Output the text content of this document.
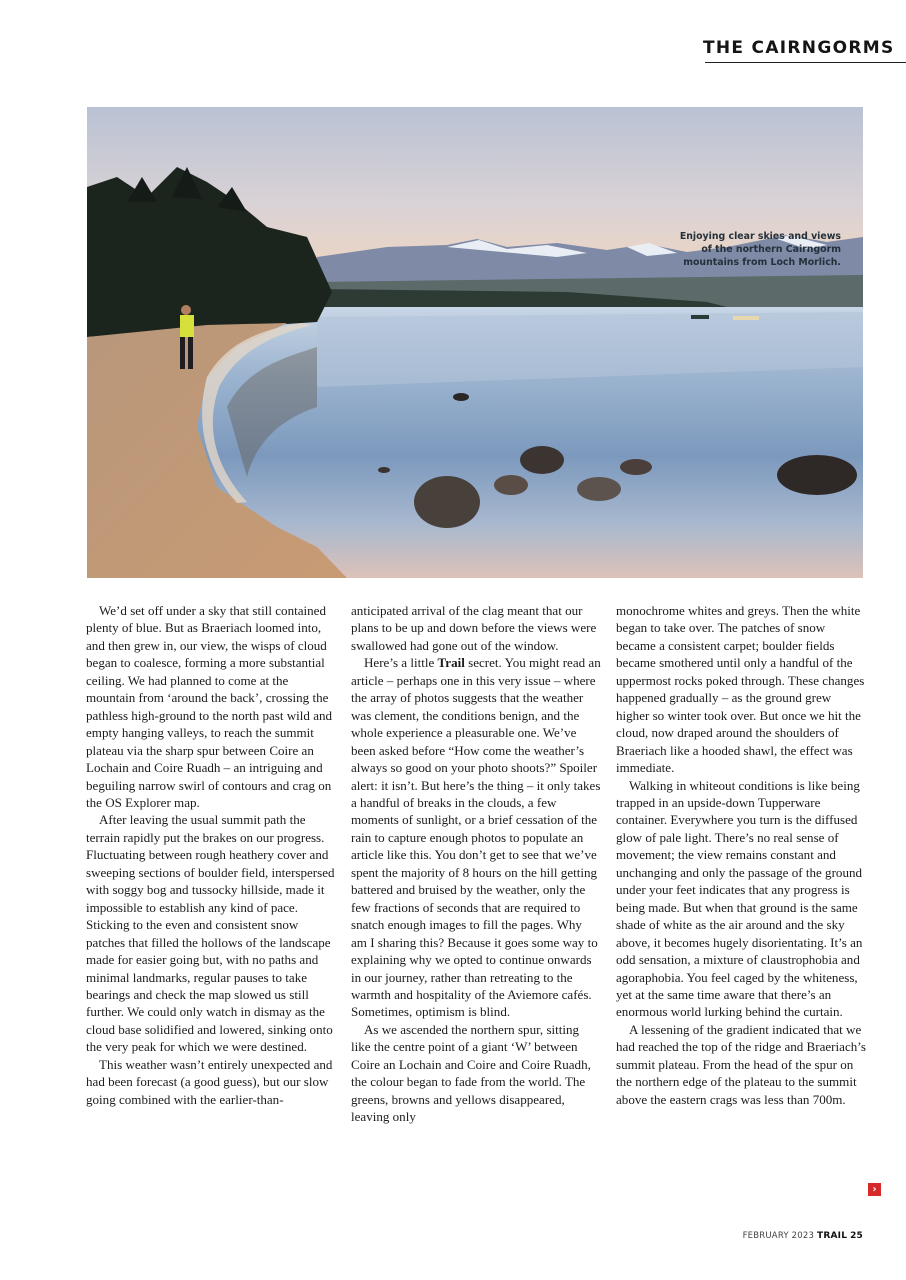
THE CAIRNGORMS
Enjoying clear skies and views
of the northern Cairngorm
mountains from Loch Morlich.

We’d set off under a sky that still contained plenty of blue. But as Braeriach loomed into, and then grew in, our view, the wisps of cloud began to coalesce, forming a more substantial ceiling. We had planned to come at the mountain from ‘around the back’, crossing the pathless high-ground to the north past wild and empty hanging valleys, to reach the summit plateau via the sharp spur between Coire an Lochain and Coire Ruadh – an intriguing and beguiling narrow swirl of contours and crag on the OS Explorer map.

After leaving the usual summit path the terrain rapidly put the brakes on our progress. Fluctuating between rough heathery cover and sweeping sections of boulder field, interspersed with soggy bog and tussocky hillside, made it impossible to establish any kind of pace. Sticking to the even and consistent snow patches that filled the hollows of the landscape made for easier going but, with no paths and minimal landmarks, regular pauses to take bearings and check the map slowed us still further. We could only watch in dismay as the cloud base solidified and lowered, sinking onto the very peak for which we were destined.

This weather wasn’t entirely unexpected and had been forecast (a good guess), but our slow going combined with the earlier-than-

anticipated arrival of the clag meant that our plans to be up and down before the views were swallowed had gone out of the window.

Here’s a little Trail secret. You might read an article – perhaps one in this very issue – where the array of photos suggests that the weather was clement, the conditions benign, and the whole experience a pleasurable one. We’ve been asked before “How come the weather’s always so good on your photo shoots?” Spoiler alert: it isn’t. But here’s the thing – it only takes a handful of breaks in the clouds, a few moments of sunlight, or a brief cessation of the rain to capture enough photos to populate an article like this. You don’t get to see that we’ve spent the majority of 8 hours on the hill getting battered and bruised by the weather, only the few fractions of seconds that are required to snatch enough images to fill the pages. Why am I sharing this? Because it goes some way to explaining why we opted to continue onwards in our journey, rather than retreating to the warmth and hospitality of the Aviemore cafés. Sometimes, optimism is blind.

As we ascended the northern spur, sitting like the centre point of a giant ‘W’ between Coire an Lochain and Coire and Coire Ruadh, the colour began to fade from the world. The greens, browns and yellows disappeared, leaving only

monochrome whites and greys. Then the white began to take over. The patches of snow became a consistent carpet; boulder fields became smothered until only a handful of the uppermost rocks poked through. These changes happened gradually – as the ground grew higher so winter took over. But once we hit the cloud, now draped around the shoulders of Braeriach like a hooded shawl, the effect was immediate.

Walking in whiteout conditions is like being trapped in an upside-down Tupperware container. Everywhere you turn is the diffused glow of pale light. There’s no real sense of movement; the view remains constant and unchanging and only the passage of the ground under your feet indicates that any progress is being made. But when that ground is the same shade of white as the air around and the sky above, it becomes hugely disorientating. It’s an odd sensation, a mixture of claustrophobia and agoraphobia. You feel caged by the whiteness, yet at the same time aware that there’s an enormous world lurking behind the curtain.

A lessening of the gradient indicated that we had reached the top of the ridge and Braeriach’s summit plateau. From the head of the spur on the northern edge of the plateau to the summit above the eastern crags was less than 700m.

›
FEBRUARY 2023 TRAIL 25
